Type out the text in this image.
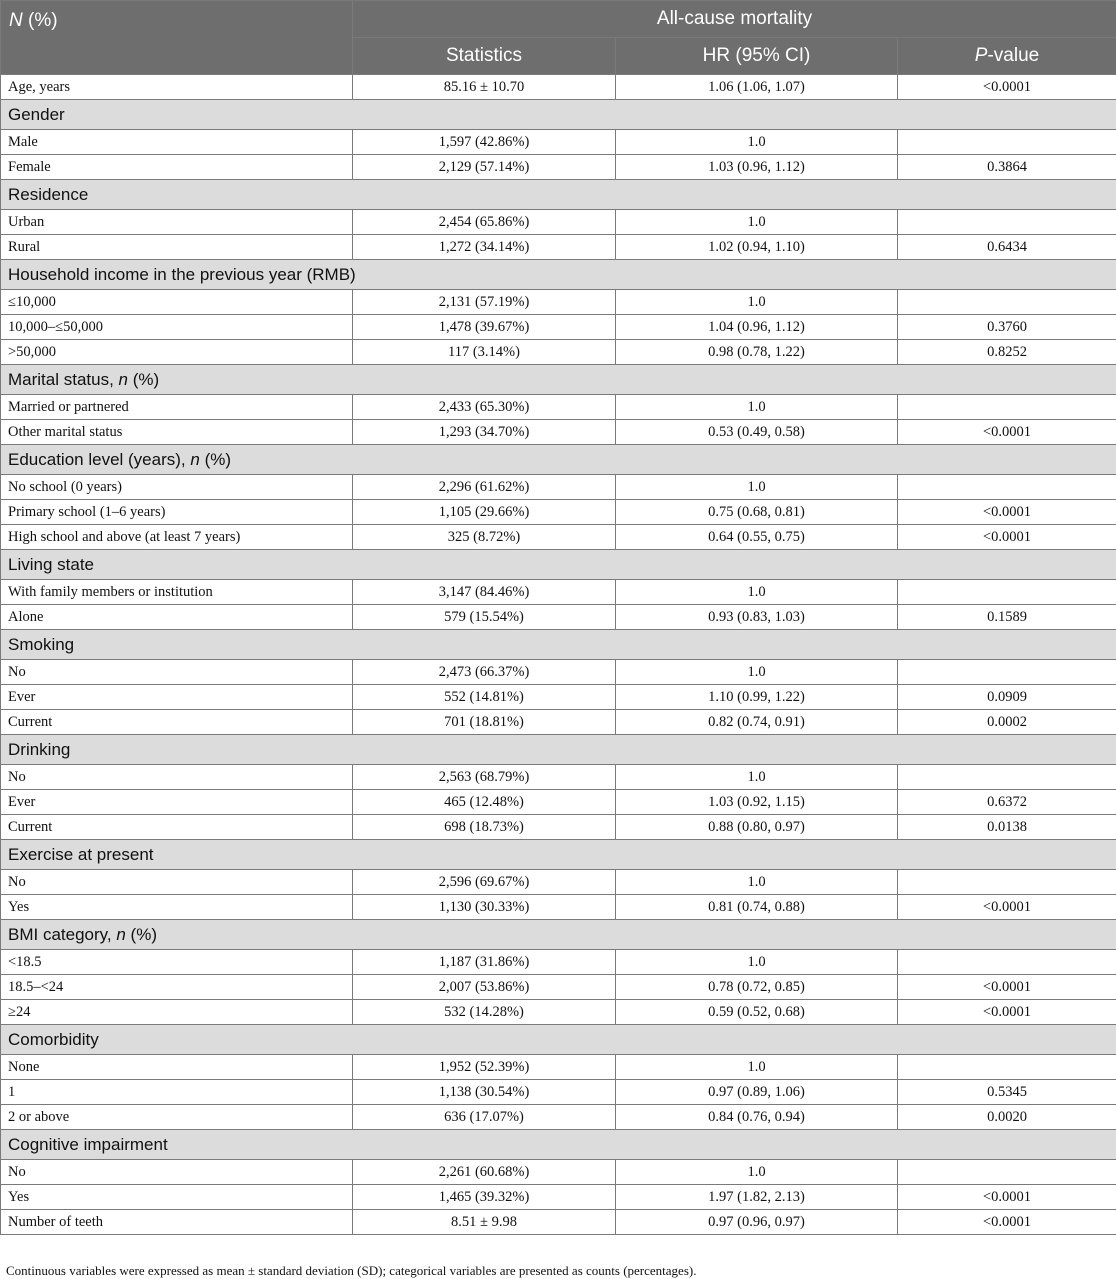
N (%)	All-cause mortality		
	Statistics	HR (95% CI)	P-value
Age, years	85.16 ± 10.70	1.06 (1.06, 1.07)	<0.0001
Gender			
Male	1,597 (42.86%)	1.0	
Female	2,129 (57.14%)	1.03 (0.96, 1.12)	0.3864
Residence			
Urban	2,454 (65.86%)	1.0	
Rural	1,272 (34.14%)	1.02 (0.94, 1.10)	0.6434
Household income in the previous year (RMB)			
≤10,000	2,131 (57.19%)	1.0	
10,000–≤50,000	1,478 (39.67%)	1.04 (0.96, 1.12)	0.3760
>50,000	117 (3.14%)	0.98 (0.78, 1.22)	0.8252
Marital status, n (%)			
Married or partnered	2,433 (65.30%)	1.0	
Other marital status	1,293 (34.70%)	0.53 (0.49, 0.58)	<0.0001
Education level (years), n (%)			
No school (0 years)	2,296 (61.62%)	1.0	
Primary school (1–6 years)	1,105 (29.66%)	0.75 (0.68, 0.81)	<0.0001
High school and above (at least 7 years)	325 (8.72%)	0.64 (0.55, 0.75)	<0.0001
Living state			
With family members or institution	3,147 (84.46%)	1.0	
Alone	579 (15.54%)	0.93 (0.83, 1.03)	0.1589
Smoking			
No	2,473 (66.37%)	1.0	
Ever	552 (14.81%)	1.10 (0.99, 1.22)	0.0909
Current	701 (18.81%)	0.82 (0.74, 0.91)	0.0002
Drinking			
No	2,563 (68.79%)	1.0	
Ever	465 (12.48%)	1.03 (0.92, 1.15)	0.6372
Current	698 (18.73%)	0.88 (0.80, 0.97)	0.0138
Exercise at present			
No	2,596 (69.67%)	1.0	
Yes	1,130 (30.33%)	0.81 (0.74, 0.88)	<0.0001
BMI category, n (%)			
<18.5	1,187 (31.86%)	1.0	
18.5–<24	2,007 (53.86%)	0.78 (0.72, 0.85)	<0.0001
≥24	532 (14.28%)	0.59 (0.52, 0.68)	<0.0001
Comorbidity			
None	1,952 (52.39%)	1.0	
1	1,138 (30.54%)	0.97 (0.89, 1.06)	0.5345
2 or above	636 (17.07%)	0.84 (0.76, 0.94)	0.0020
Cognitive impairment			
No	2,261 (60.68%)	1.0	
Yes	1,465 (39.32%)	1.97 (1.82, 2.13)	<0.0001
Number of teeth	8.51 ± 9.98	0.97 (0.96, 0.97)	<0.0001
Continuous variables were expressed as mean ± standard deviation (SD); categorical variables are presented as counts (percentages).
